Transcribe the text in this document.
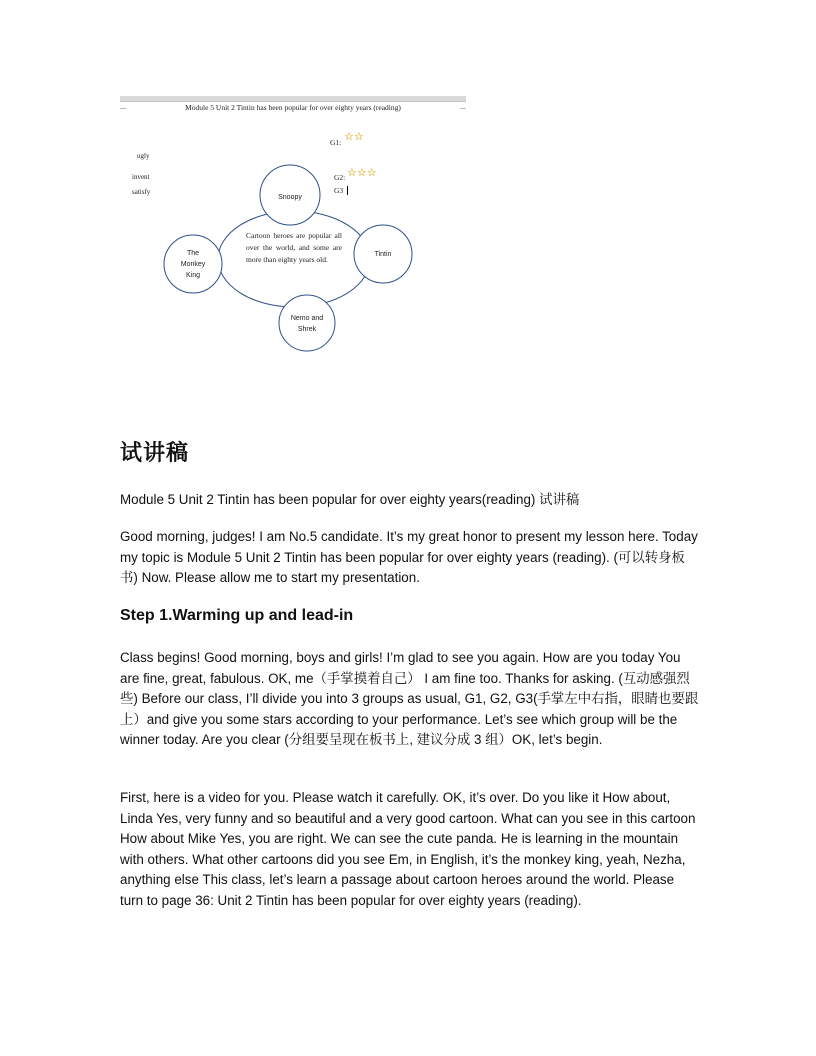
Module 5 Unit 2 Tintin has been popular for over eighty years (reading)
ugly
invent
satisfy
G1: ☆☆
G2: ☆☆☆
G3
Cartoon heroes are popular all over the world, and some are more than eighty years old.
Snoopy
The
Monkey
King
Tintin
Nemo and
Shrek
试讲稿
Module 5 Unit 2 Tintin has been popular for over eighty years(reading) 试讲稿
Good morning, judges! I am No.5 candidate. It’s my great honor to present my lesson here. Today my topic is Module 5 Unit 2 Tintin has been popular for over eighty years (reading). (可以转身板书) Now. Please allow me to start my presentation.
Step 1.Warming up and lead-in
Class begins! Good morning, boys and girls! I’m glad to see you again. How are you today You are fine, great, fabulous. OK, me（手掌摸着自己） I am fine too. Thanks for asking. (互动感强烈些) Before our class, I’ll divide you into 3 groups as usual, G1, G2, G3(手掌左中右指，眼睛也要跟上）and give you some stars according to your performance. Let’s see which group will be the winner today. Are you clear (分组要呈现在板书上, 建议分成 3 组）OK, let’s begin.
First, here is a video for you. Please watch it carefully. OK, it’s over. Do you like it How about, Linda Yes, very funny and so beautiful and a very good cartoon. What can you see in this cartoon How about Mike Yes, you are right. We can see the cute panda. He is learning in the mountain with others. What other cartoons did you see Em, in English, it’s the monkey king, yeah, Nezha, anything else This class, let’s learn a passage about cartoon heroes around the world. Please turn to page 36: Unit 2 Tintin has been popular for over eighty years (reading).
